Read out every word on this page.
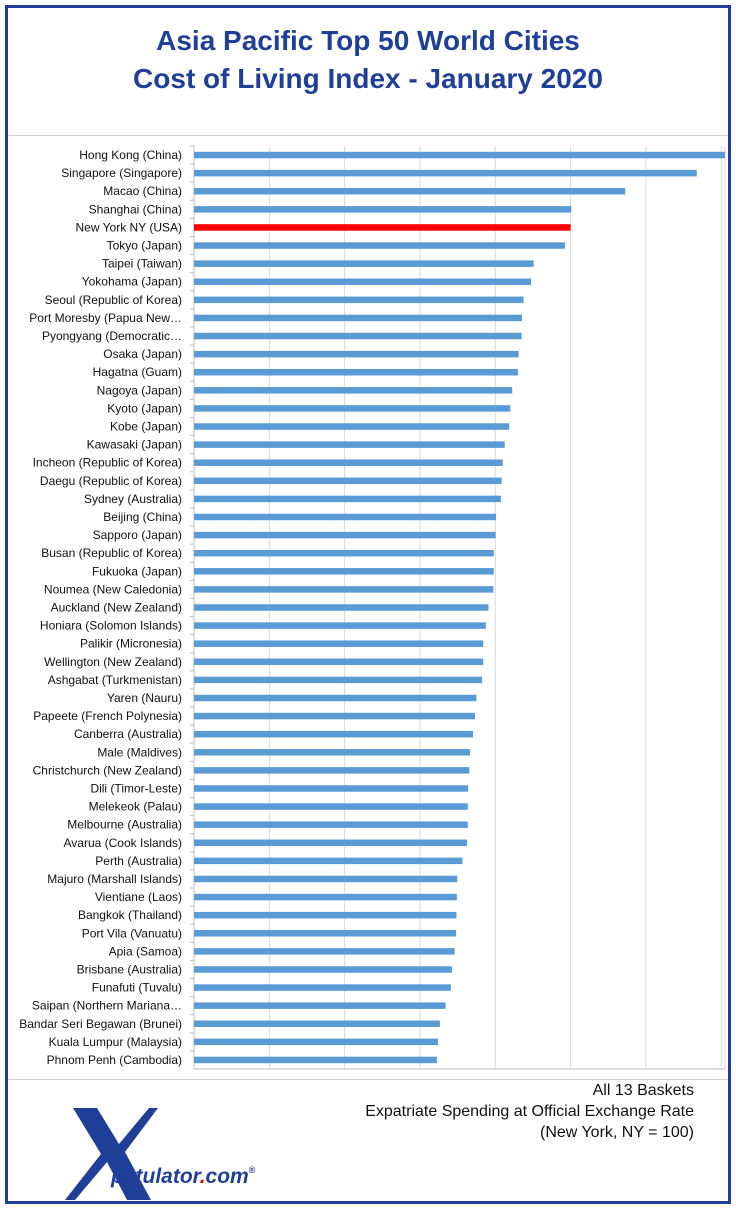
Asia Pacific Top 50 World Cities
Cost of Living Index - January 2020
All 13 Baskets
Expatriate Spending at Official Exchange Rate
(New York, NY = 100)
patulator.com®
Hong Kong (China)
Singapore (Singapore)
Macao (China)
Shanghai (China)
New York NY (USA)
Tokyo (Japan)
Taipei (Taiwan)
Yokohama (Japan)
Seoul (Republic of Korea)
Port Moresby (Papua New…
Pyongyang (Democratic…
Osaka (Japan)
Hagatna (Guam)
Nagoya (Japan)
Kyoto (Japan)
Kobe (Japan)
Kawasaki (Japan)
Incheon (Republic of Korea)
Daegu (Republic of Korea)
Sydney (Australia)
Beijing (China)
Sapporo (Japan)
Busan (Republic of Korea)
Fukuoka (Japan)
Noumea (New Caledonia)
Auckland (New Zealand)
Honiara (Solomon Islands)
Palikir (Micronesia)
Wellington (New Zealand)
Ashgabat (Turkmenistan)
Yaren (Nauru)
Papeete (French Polynesia)
Canberra (Australia)
Male (Maldives)
Christchurch (New Zealand)
Dili (Timor-Leste)
Melekeok (Palau)
Melbourne (Australia)
Avarua (Cook Islands)
Perth (Australia)
Majuro (Marshall Islands)
Vientiane (Laos)
Bangkok (Thailand)
Port Vila (Vanuatu)
Apia (Samoa)
Brisbane (Australia)
Funafuti (Tuvalu)
Saipan (Northern Mariana…
Bandar Seri Begawan (Brunei)
Kuala Lumpur (Malaysia)
Phnom Penh (Cambodia)
